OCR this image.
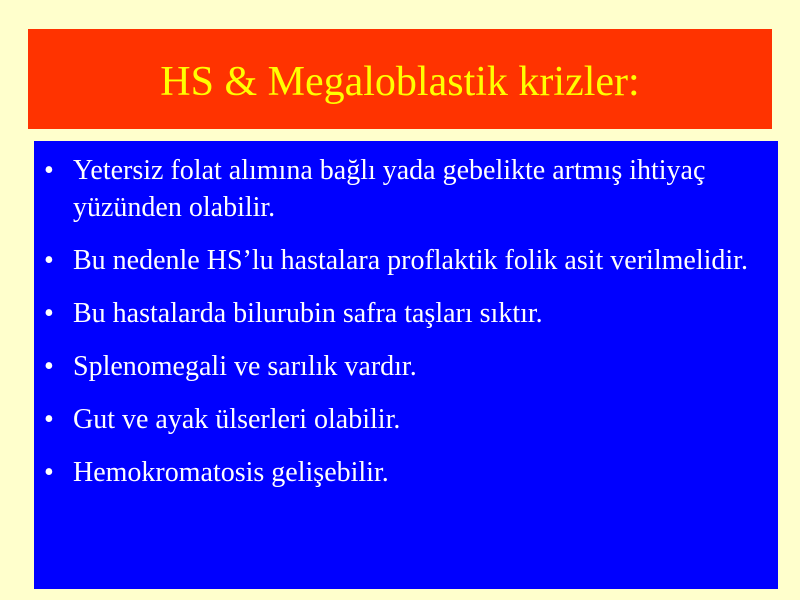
HS & Megaloblastik krizler:
• Yetersiz folat alımına bağlı yada gebelikte artmış ihtiyaç yüzünden olabilir.
• Bu nedenle HS’lu hastalara proflaktik folik asit verilmelidir.
• Bu hastalarda bilurubin safra taşları sıktır.
• Splenomegali ve sarılık vardır.
• Gut ve ayak ülserleri olabilir.
• Hemokromatosis gelişebilir.
